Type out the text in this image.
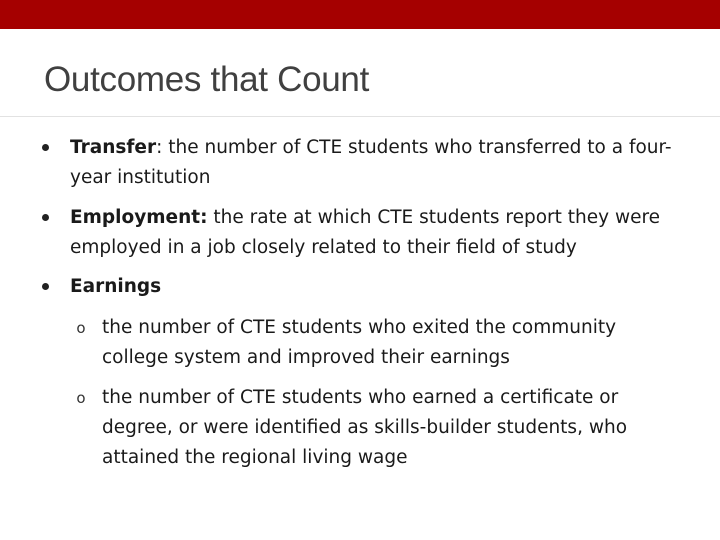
Outcomes that Count
Transfer: the number of CTE students who transferred to a four-year institution
Employment: the rate at which CTE students report they were employed in a job closely related to their field of study
Earnings
o the number of CTE students who exited the community college system and improved their earnings
o the number of CTE students who earned a certificate or degree, or were identified as skills-builder students, who attained the regional living wage
